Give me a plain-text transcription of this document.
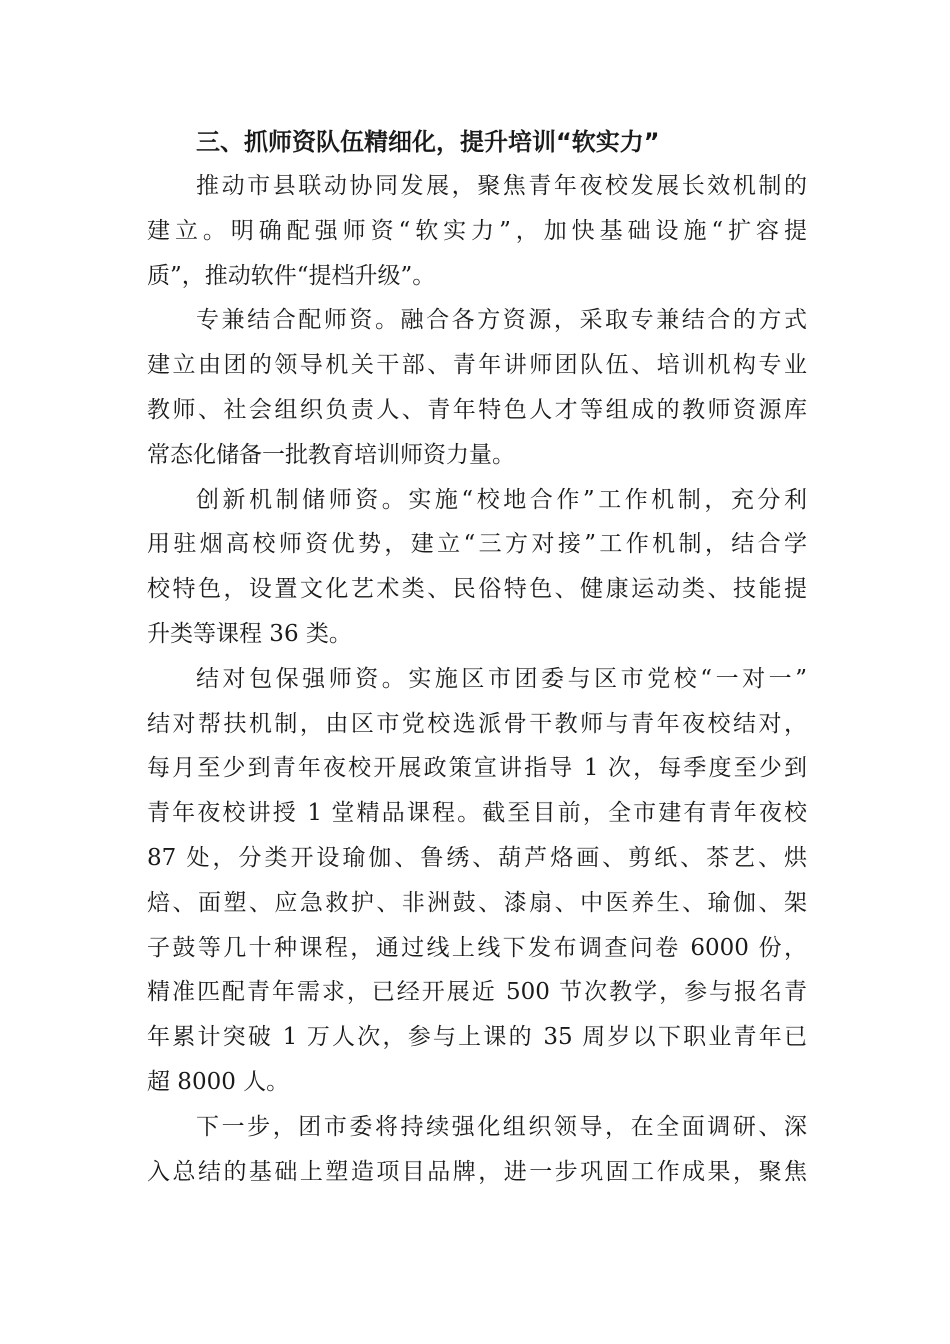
三、抓师资队伍精细化，提升培训“软实力”
推动市县联动协同发展，聚焦青年夜校发展长效机制的
建立。明确配强师资“软实力”，加快基础设施“扩容提
质”，推动软件“提档升级”。
专兼结合配师资。融合各方资源，采取专兼结合的方式
建立由团的领导机关干部、青年讲师团队伍、培训机构专业
教师、社会组织负责人、青年特色人才等组成的教师资源库
常态化储备一批教育培训师资力量。
创新机制储师资。实施“校地合作”工作机制，充分利
用驻烟高校师资优势，建立“三方对接”工作机制，结合学
校特色，设置文化艺术类、民俗特色、健康运动类、技能提
升类等课程 36 类。
结对包保强师资。实施区市团委与区市党校“一对一”
结对帮扶机制，由区市党校选派骨干教师与青年夜校结对，
每月至少到青年夜校开展政策宣讲指导 1 次，每季度至少到
青年夜校讲授 1 堂精品课程。截至目前，全市建有青年夜校
87 处，分类开设瑜伽、鲁绣、葫芦烙画、剪纸、茶艺、烘
焙、面塑、应急救护、非洲鼓、漆扇、中医养生、瑜伽、架
子鼓等几十种课程，通过线上线下发布调查问卷 6000 份，
精准匹配青年需求，已经开展近 500 节次教学，参与报名青
年累计突破 1 万人次，参与上课的 35 周岁以下职业青年已
超 8000 人。
下一步，团市委将持续强化组织领导，在全面调研、深
入总结的基础上塑造项目品牌，进一步巩固工作成果，聚焦
